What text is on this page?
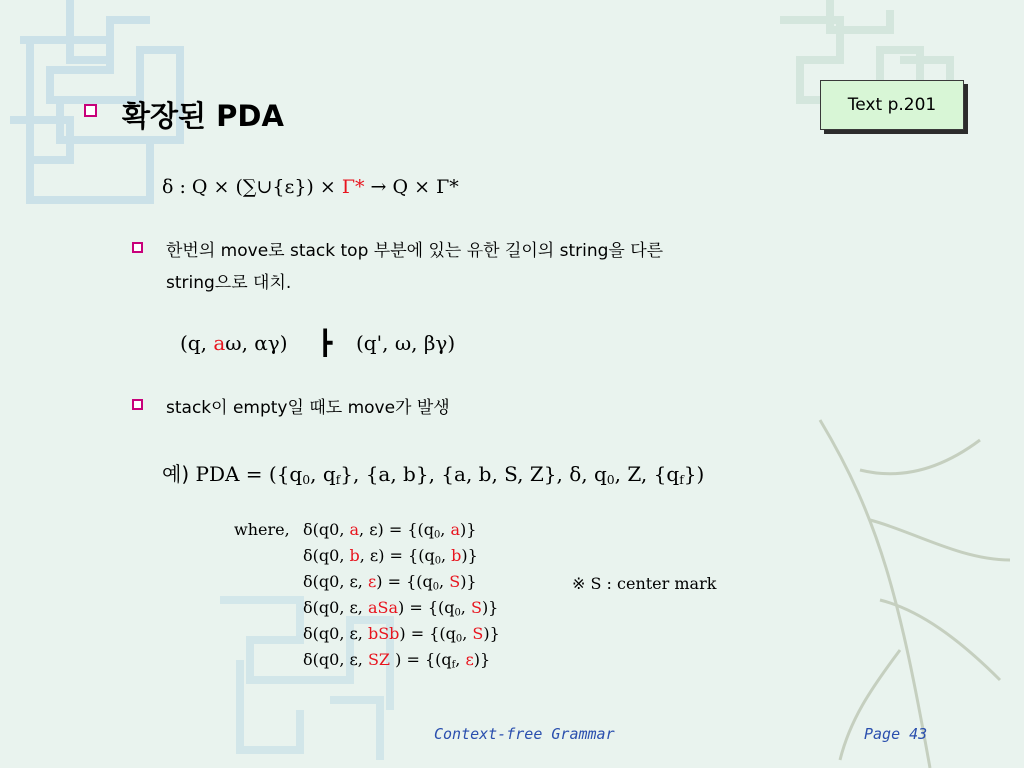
확장된 PDA	Text p.201
δ : Q × (∑∪{ε}) × Γ* → Q × Γ*
한번의 move로 stack top 부분에 있는 유한 길이의 string을 다른
string으로 대치.
(q, aω, αγ) ┣ (q', ω, βγ)
stack이 empty일 때도 move가 발생
예) PDA = ({$q_0$, $q_f$}, {a, b}, {a, b, S, Z}, δ, $q_0$, Z, $\{q_f\}$)
where, δ(q0, a, $\varepsilon) = \{(q_0$, a)}
δ(q0, b, $\varepsilon) = \{(q_0$, b)}
δ(q0, ε, $\varepsilon) = \{(q_0$, S)}
δ(q0, ε, $aSa) = \{(q_0$, S)}
δ(q0, ε, $bSb) = \{(q_0$, S)}
δ(q0, ε, SZ ) = {($q_f$, ε)}
※ S : center mark
Context-free Grammar	Page 43
